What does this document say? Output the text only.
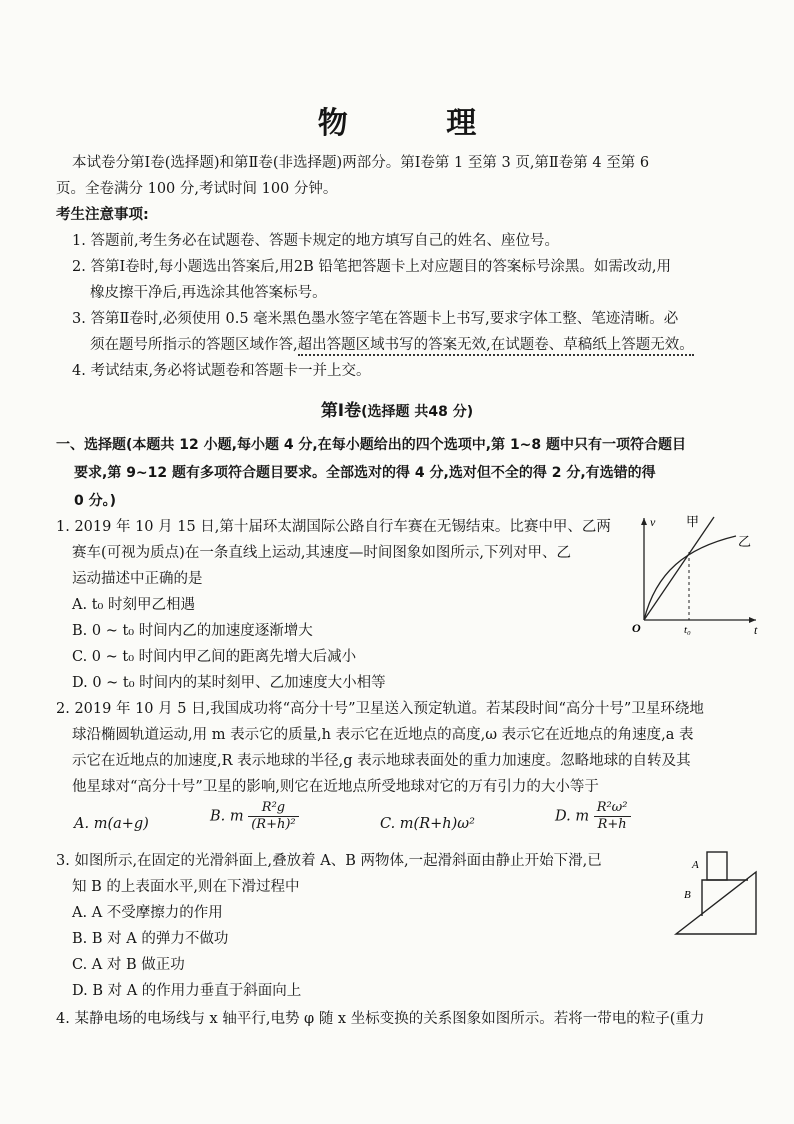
物 理
本试卷分第Ⅰ卷(选择题)和第Ⅱ卷(非选择题)两部分。第Ⅰ卷第 1 至第 3 页,第Ⅱ卷第 4 至第 6
页。全卷满分 100 分,考试时间 100 分钟。
考生注意事项:
1. 答题前,考生务必在试题卷、答题卡规定的地方填写自己的姓名、座位号。
2. 答第Ⅰ卷时,每小题选出答案后,用2B 铅笔把答题卡上对应题目的答案标号涂黑。如需改动,用
橡皮擦干净后,再选涂其他答案标号。
3. 答第Ⅱ卷时,必须使用 0.5 毫米黑色墨水签字笔在答题卡上书写,要求字体工整、笔迹清晰。必
须在题号所指示的答题区域作答,超出答题区域书写的答案无效,在试题卷、草稿纸上答题无效。
4. 考试结束,务必将试题卷和答题卡一并上交。
第Ⅰ卷(选择题 共48 分)
一、选择题(本题共 12 小题,每小题 4 分,在每小题给出的四个选项中,第 1~8 题中只有一项符合题目
要求,第 9~12 题有多项符合题目要求。全部选对的得 4 分,选对但不全的得 2 分,有选错的得
0 分。)
1. 2019 年 10 月 15 日,第十届环太湖国际公路自行车赛在无锡结束。比赛中甲、乙两
赛车(可视为质点)在一条直线上运动,其速度—时间图象如图所示,下列对甲、乙
运动描述中正确的是
A. t₀ 时刻甲乙相遇
B. 0 ~ t₀ 时间内乙的加速度逐渐增大
C. 0 ~ t₀ 时间内甲乙间的距离先增大后减小
D. 0 ~ t₀ 时间内的某时刻甲、乙加速度大小相等
v
t
O	t₀
甲
乙
2. 2019 年 10 月 5 日,我国成功将“高分十号”卫星送入预定轨道。若某段时间“高分十号”卫星环绕地
球沿椭圆轨道运动,用 m 表示它的质量,h 表示它在近地点的高度,ω 表示它在近地点的角速度,a 表
示它在近地点的加速度,R 表示地球的半径,g 表示地球表面处的重力加速度。忽略地球的自转及其
他星球对“高分十号”卫星的影响,则它在近地点所受地球对它的万有引力的大小等于
A. m(a+g)	B. m $\frac{\text{R²g}}{\text{(R+h)²}}$	C. m(R+h)ω²	D. m $\frac{\text{R²ω²}}{R+h}$
3. 如图所示,在固定的光滑斜面上,叠放着 A、B 两物体,一起滑斜面由静止开始下滑,已
知 B 的上表面水平,则在下滑过程中
A. A 不受摩擦力的作用
B. B 对 A 的弹力不做功
C. A 对 B 做正功
D. B 对 A 的作用力垂直于斜面向上
A
B
4. 某静电场的电场线与 x 轴平行,电势 φ 随 x 坐标变换的关系图象如图所示。若将一带电的粒子(重力
